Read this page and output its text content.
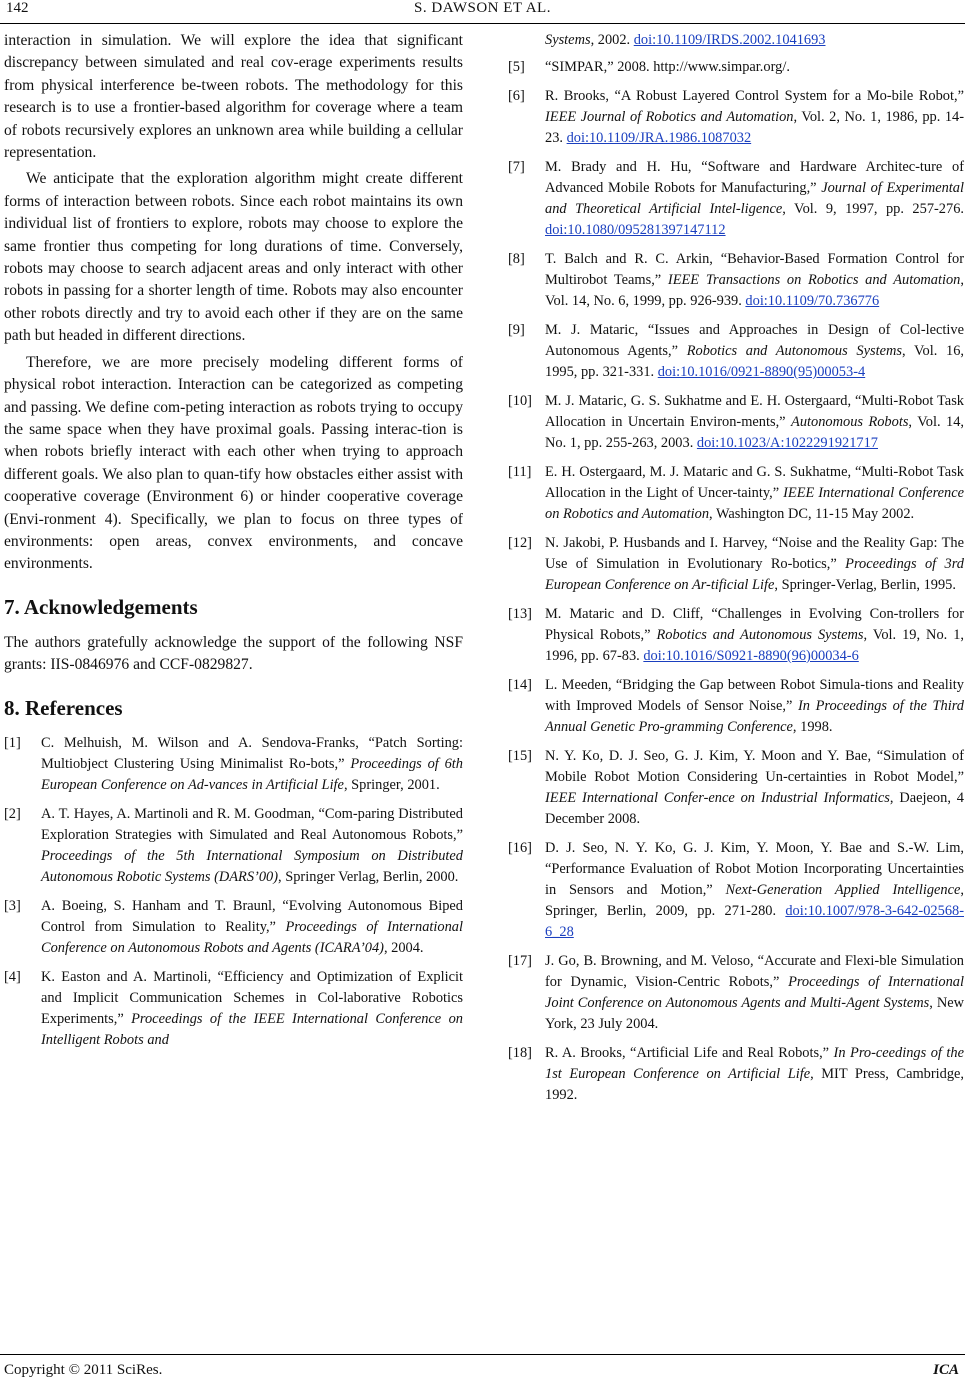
142	S. DAWSON ET AL.

interaction in simulation. We will explore the idea that significant discrepancy between simulated and real cov-erage experiments results from physical interference be-tween robots. The methodology for this research is to use a frontier-based algorithm for coverage where a team of robots recursively explores an unknown area while building a cellular representation.

We anticipate that the exploration algorithm might create different forms of interaction between robots. Since each robot maintains its own individual list of frontiers to explore, robots may choose to explore the same frontier thus competing for long durations of time. Conversely, robots may choose to search adjacent areas and only interact with other robots in passing for a shorter length of time. Robots may also encounter other robots directly and try to avoid each other if they are on the same path but headed in different directions.

Therefore, we are more precisely modeling different forms of physical robot interaction. Interaction can be categorized as competing and passing. We define com-peting interaction as robots trying to occupy the same space when they have proximal goals. Passing interac-tion is when robots briefly interact with each other when trying to approach different goals. We also plan to quan-tify how obstacles either assist with cooperative coverage (Environment 6) or hinder cooperative coverage (Envi-ronment 4). Specifically, we plan to focus on three types of environments: open areas, convex environments, and concave environments.

7. Acknowledgements

The authors gratefully acknowledge the support of the following NSF grants: IIS-0846976 and CCF-0829827.

8. References
[1] C. Melhuish, M. Wilson and A. Sendova-Franks, “Patch Sorting: Multiobject Clustering Using Minimalist Ro-bots,” Proceedings of 6th European Conference on Ad-vances in Artificial Life, Springer, 2001.
[2] A. T. Hayes, A. Martinoli and R. M. Goodman, “Com-paring Distributed Exploration Strategies with Simulated and Real Autonomous Robots,” Proceedings of the 5th International Symposium on Distributed Autonomous Robotic Systems (DARS’00), Springer Verlag, Berlin, 2000.
[3] A. Boeing, S. Hanham and T. Braunl, “Evolving Autonomous Biped Control from Simulation to Reality,” Proceedings of International Conference on Autonomous Robots and Agents (ICARA’04), 2004.
[4] K. Easton and A. Martinoli, “Efficiency and Optimization of Explicit and Implicit Communication Schemes in Col-laborative Robotics Experiments,” Proceedings of the IEEE International Conference on Intelligent Robots and
Systems, 2002. doi:10.1109/IRDS.2002.1041693
[5] “SIMPAR,” 2008. http://www.simpar.org/.
[6] R. Brooks, “A Robust Layered Control System for a Mo-bile Robot,” IEEE Journal of Robotics and Automation, Vol. 2, No. 1, 1986, pp. 14-23. doi:10.1109/JRA.1986.1087032
[7] M. Brady and H. Hu, “Software and Hardware Architec-ture of Advanced Mobile Robots for Manufacturing,” Journal of Experimental and Theoretical Artificial Intel-ligence, Vol. 9, 1997, pp. 257-276. doi:10.1080/095281397147112
[8] T. Balch and R. C. Arkin, “Behavior-Based Formation Control for Multirobot Teams,” IEEE Transactions on Robotics and Automation, Vol. 14, No. 6, 1999, pp. 926-939. doi:10.1109/70.736776
[9] M. J. Mataric, “Issues and Approaches in Design of Col-lective Autonomous Agents,” Robotics and Autonomous Systems, Vol. 16, 1995, pp. 321-331. doi:10.1016/0921-8890(95)00053-4
[10] M. J. Mataric, G. S. Sukhatme and E. H. Ostergaard, “Multi-Robot Task Allocation in Uncertain Environ-ments,” Autonomous Robots, Vol. 14, No. 1, pp. 255-263, 2003. doi:10.1023/A:1022291921717
[11] E. H. Ostergaard, M. J. Mataric and G. S. Sukhatme, “Multi-Robot Task Allocation in the Light of Uncer-tainty,” IEEE International Conference on Robotics and Automation, Washington DC, 11-15 May 2002.
[12] N. Jakobi, P. Husbands and I. Harvey, “Noise and the Reality Gap: The Use of Simulation in Evolutionary Ro-botics,” Proceedings of 3rd European Conference on Ar-tificial Life, Springer-Verlag, Berlin, 1995.
[13] M. Mataric and D. Cliff, “Challenges in Evolving Con-trollers for Physical Robots,” Robotics and Autonomous Systems, Vol. 19, No. 1, 1996, pp. 67-83. doi:10.1016/S0921-8890(96)00034-6
[14] L. Meeden, “Bridging the Gap between Robot Simula-tions and Reality with Improved Models of Sensor Noise,” In Proceedings of the Third Annual Genetic Pro-gramming Conference, 1998.
[15] N. Y. Ko, D. J. Seo, G. J. Kim, Y. Moon and Y. Bae, “Simulation of Mobile Robot Motion Considering Un-certainties in Robot Model,” IEEE International Confer-ence on Industrial Informatics, Daejeon, 4 December 2008.
[16] D. J. Seo, N. Y. Ko, G. J. Kim, Y. Moon, Y. Bae and S.-W. Lim, “Performance Evaluation of Robot Motion Incorporating Uncertainties in Sensors and Motion,” Next-Generation Applied Intelligence, Springer, Berlin, 2009, pp. 271-280. doi:10.1007/978-3-642-02568-6_28
[17] J. Go, B. Browning, and M. Veloso, “Accurate and Flexi-ble Simulation for Dynamic, Vision-Centric Robots,” Proceedings of International Joint Conference on Autonomous Agents and Multi-Agent Systems, New York, 23 July 2004.
[18] R. A. Brooks, “Artificial Life and Real Robots,” In Pro-ceedings of the 1st European Conference on Artificial Life, MIT Press, Cambridge, 1992.
Copyright © 2011 SciRes.	ICA
